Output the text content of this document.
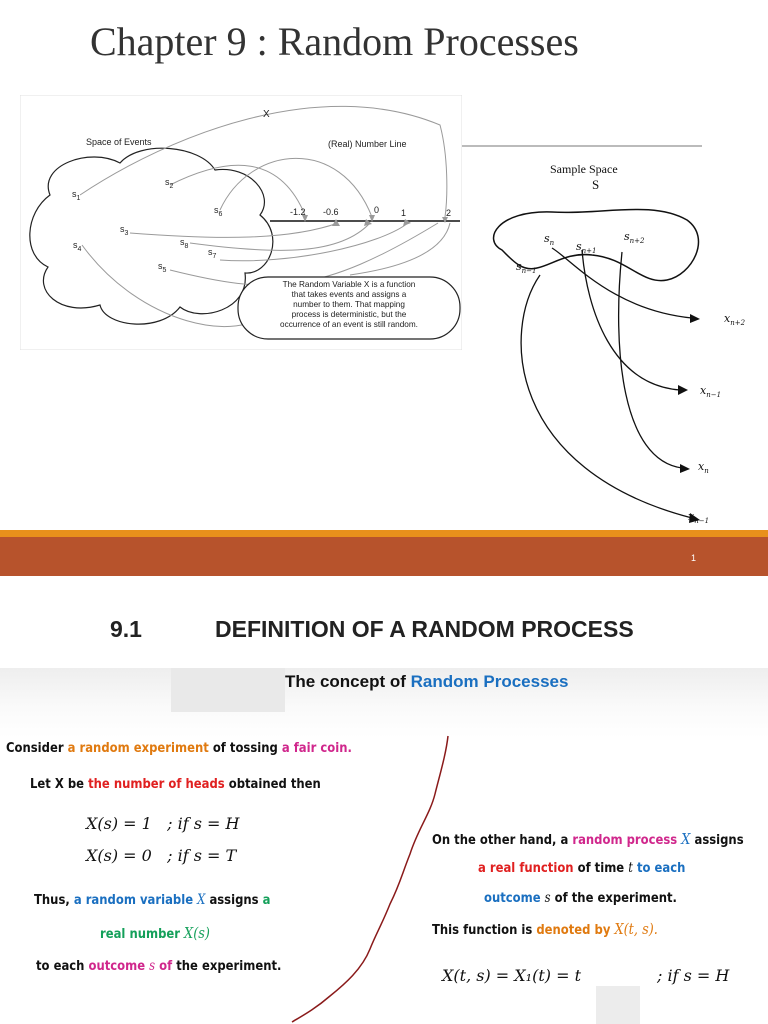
Chapter 9 : Random Processes
X
Space of Events	(Real) Number Line
$s_1$
$s_2$
$s_3$
$s_4$
$s_5$
$s_6$
$s_7$
$s_8$
-1.2 -0.6	0 1	2
The Random Variable X is a function
that takes events and assigns a
number to them. That mapping
process is deterministic, but the
occurrence of an event is still random.
Sample Space
S
$s_n$ $s_{n+1}$
$s_{n+2}$
$s_{n-1}$
$x_{n+2}$
$x_{n-1}$
$x_n$
$x_{n-1}$
1
9.1	DEFINITION OF A RANDOM PROCESS
The concept of Random Processes
Consider a random experiment of tossing a fair coin.
Let X be the number of heads obtained then
X(s) = 1 ; if s = H
X(s) = 0 ; if s = T
Thus, a random variable X assigns a
real number X(s)
to each outcome s of the experiment.
On the other hand, a random process X assigns
a real function of time t to each
outcome s of the experiment.
This function is denoted by X(t, s).
X(t, s) = X₁(t) = t	; if s = H
